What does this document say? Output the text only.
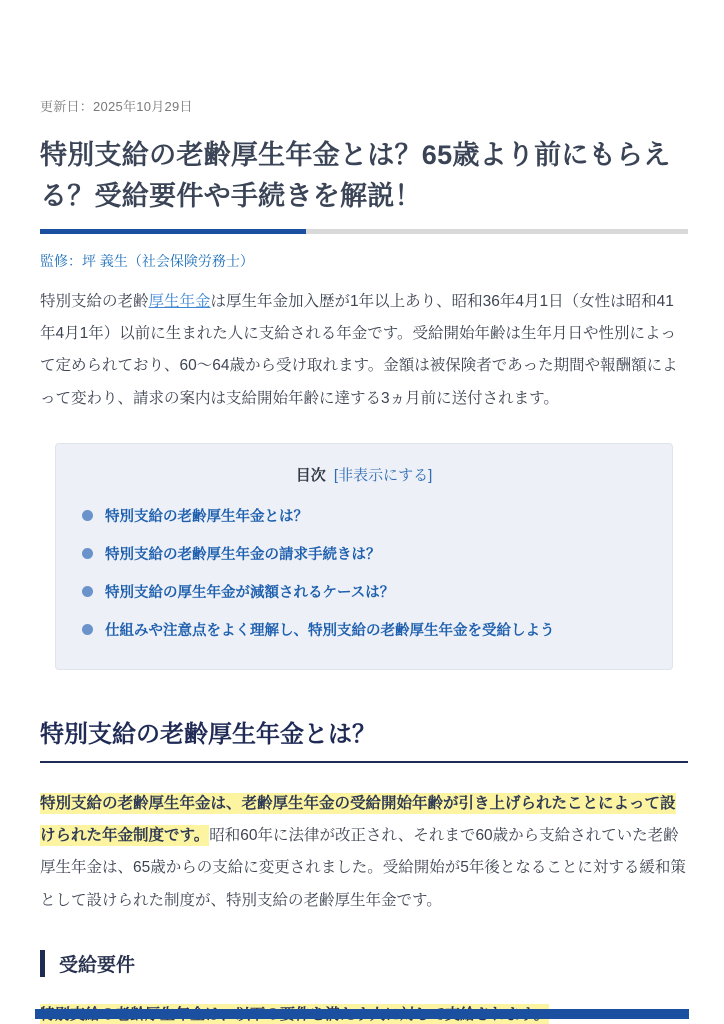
更新日：2025年10月29日
特別支給の老齢厚生年金とは？65歳より前にもらえる？受給要件や手続きを解説！
監修：坪 義生（社会保険労務士）

特別支給の老齢厚生年金は厚生年金加入歴が1年以上あり、昭和36年4月1日（女性は昭和41年4月1年）以前に生まれた人に支給される年金です。受給開始年齢は生年月日や性別によって定められており、60〜64歳から受け取れます。金額は被保険者であった期間や報酬額によって変わり、請求の案内は支給開始年齢に達する3ヵ月前に送付されます。

目次 [非表示にする]
特別支給の老齢厚生年金とは？
特別支給の老齢厚生年金の請求手続きは？
特別支給の厚生年金が減額されるケースは？
仕組みや注意点をよく理解し、特別支給の老齢厚生年金を受給しよう
特別支給の老齢厚生年金とは？

特別支給の老齢厚生年金は、老齢厚生年金の受給開始年齢が引き上げられたことによって設けられた年金制度です。昭和60年に法律が改正され、それまで60歳から支給されていた老齢厚生年金は、65歳からの支給に変更されました。受給開始が5年後となることに対する緩和策として設けられた制度が、特別支給の老齢厚生年金です。

受給要件
